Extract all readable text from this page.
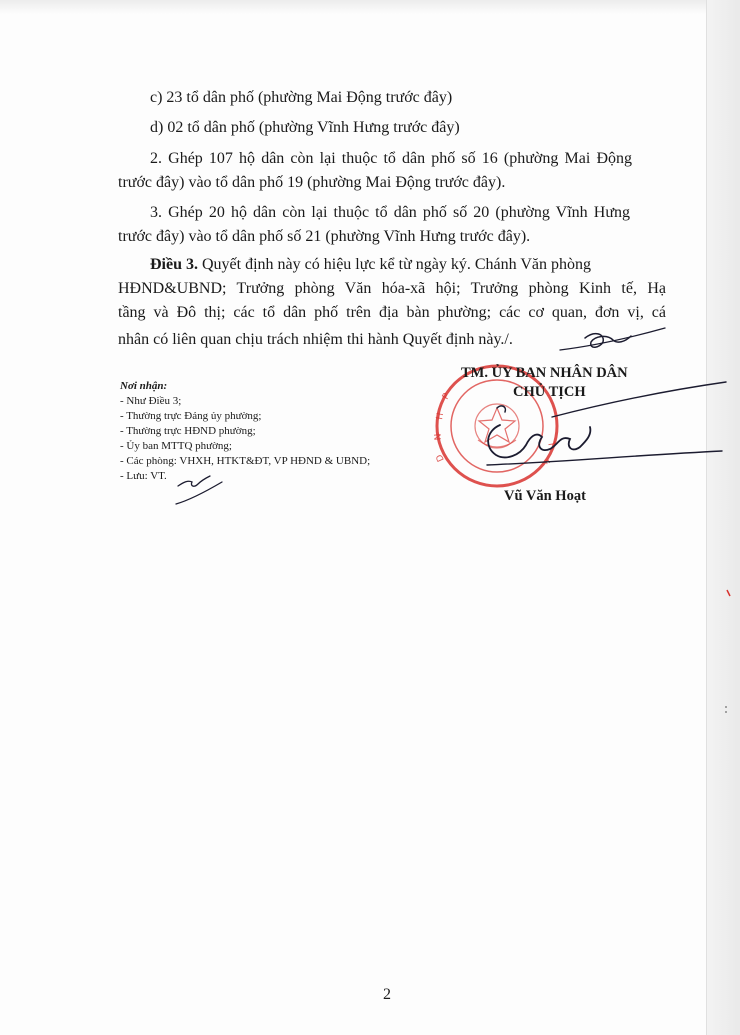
c) 23 tổ dân phố (phường Mai Động trước đây)
d) 02 tổ dân phố (phường Vĩnh Hưng trước đây)
2. Ghép 107 hộ dân còn lại thuộc tổ dân phố số 16 (phường Mai Động
trước đây) vào tổ dân phố 19 (phường Mai Động trước đây).
3. Ghép 20 hộ dân còn lại thuộc tổ dân phố số 20 (phường Vĩnh Hưng
trước đây) vào tổ dân phố số 21 (phường Vĩnh Hưng trước đây).
Điều 3. Quyết định này có hiệu lực kể từ ngày ký. Chánh Văn phòng
HĐND&UBND; Trưởng phòng Văn hóa-xã hội; Trưởng phòng Kinh tế, Hạ
tầng và Đô thị; các tổ dân phố trên địa bàn phường; các cơ quan, đơn vị, cá
nhân có liên quan chịu trách nhiệm thi hành Quyết định này./.
Nơi nhận:
- Như Điều 3;
- Thường trực Đảng ủy phường;
- Thường trực HĐND phường;
- Ủy ban MTTQ phường;
- Các phòng: VHXH, HTKT&ĐT, VP HĐND & UBND;
- Lưu: VT.
P
H
N
D
T
F
TM. ỦY BAN NHÂN DÂN
CHỦ TỊCH
Vũ Văn Hoạt
2
